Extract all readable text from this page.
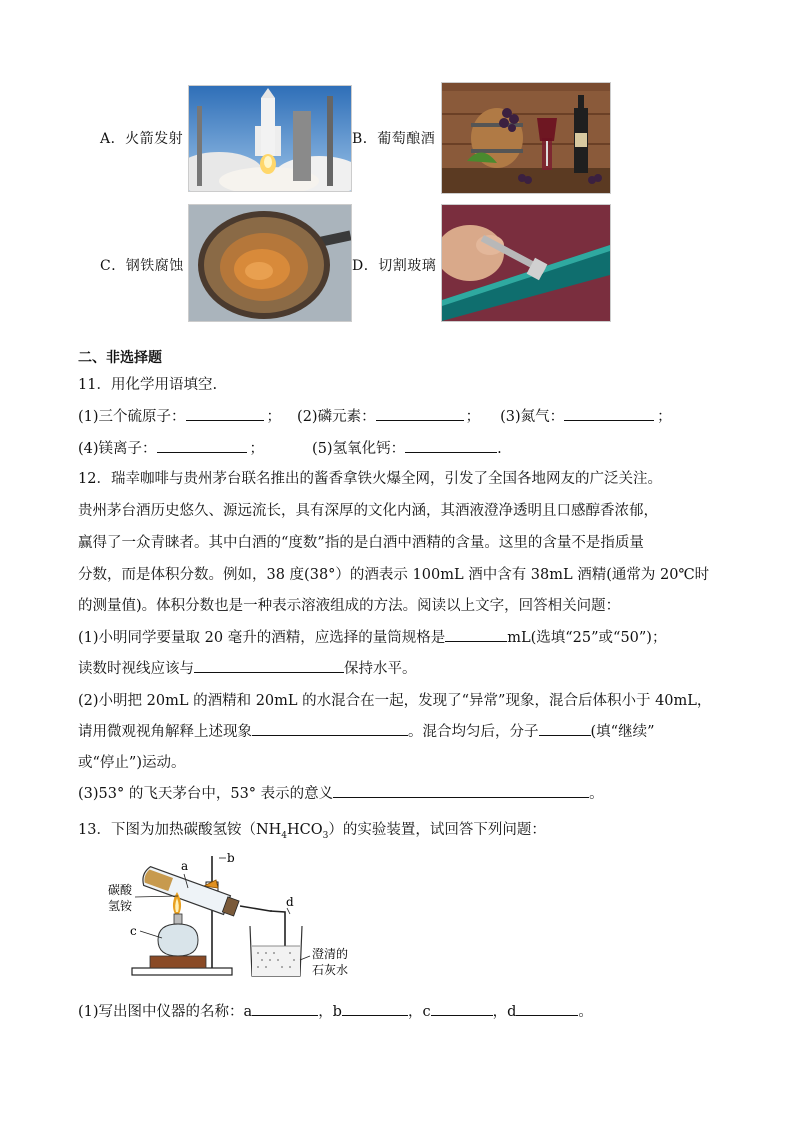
A．火箭发射	B．葡萄酿酒
C．钢铁腐蚀	D．切割玻璃
二、非选择题
11．用化学用语填空.
(1)三个硫原子：	； (2)磷元素：	； (3)氮气：	；
(4)镁离子：	；	(5)氢氧化钙：	.
12．瑞幸咖啡与贵州茅台联名推出的酱香拿铁火爆全网，引发了全国各地网友的广泛关注。
贵州茅台酒历史悠久、源远流长，具有深厚的文化内涵，其酒液澄净透明且口感醇香浓郁，
赢得了一众青睐者。其中白酒的“度数”指的是白酒中酒精的含量。这里的含量不是指质量
分数，而是体积分数。例如，38 度(38°）的酒表示 100mL 酒中含有 38mL 酒精(通常为 20℃时
的测量值)。体积分数也是一种表示溶液组成的方法。阅读以上文字，回答相关问题：
(1)小明同学要量取 20 毫升的酒精，应选择的量筒规格是	mL(选填“25”或“50”)；
读数时视线应该与	保持水平。
(2)小明把 20mL 的酒精和 20mL 的水混合在一起，发现了“异常”现象，混合后体积小于 40mL，
请用微观视角解释上述现象	。混合均匀后，分子	(填“继续”
或“停止”)运动。
(3)53° 的飞天茅台中，53° 表示的意义	。
13．下图为加热碳酸氢铵$(NH_4HCO_3)$的实验装置，试回答下列问题：
a
b
c
d
碳酸
氢铵
澄清的
石灰水
(1)写出图中仪器的名称：a	，b	，c	，d	。
